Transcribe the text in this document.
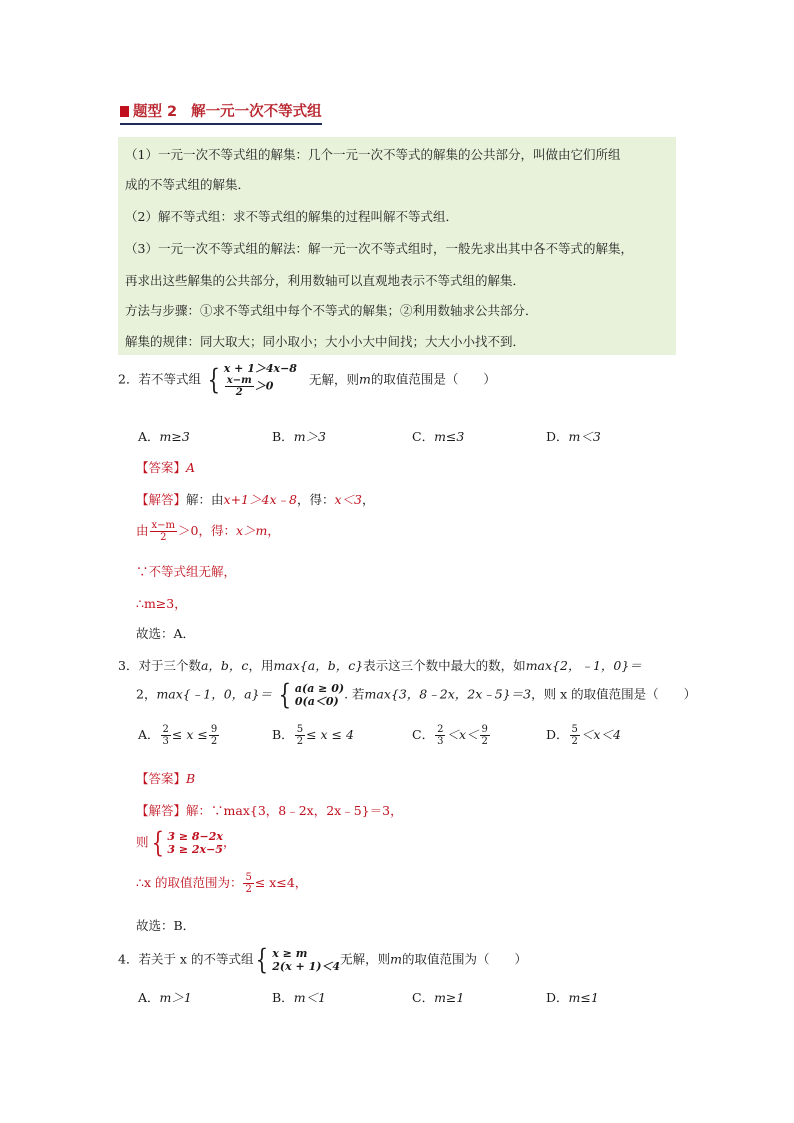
题型 2 解一元一次不等式组
（1）一元一次不等式组的解集：几个一元一次不等式的解集的公共部分，叫做由它们所组
成的不等式组的解集．
（2）解不等式组：求不等式组的解集的过程叫解不等式组．
（3）一元一次不等式组的解法：解一元一次不等式组时，一般先求出其中各不等式的解集，
再求出这些解集的公共部分，利用数轴可以直观地表示不等式组的解集．
方法与步骤：①求不等式组中每个不等式的解集；②利用数轴求公共部分．
解集的规律：同大取大；同小取小；大小小大中间找；大大小小找不到．
2．若不等式组 { x + 1＞4x−8
$\frac{x-m}{2} >0$	无解，则m的取值范围是（　　）
A．m≥3	B．m＞3	C．m≤3	D．m＜3
【答案】A
【解答】解：由x+1＞4x﹣8，得：x＜3，
由 $\frac{x-m}{2} >0$，得：x＞m，
∵不等式组无解，
∴m≥3，
故选：A．
3．对于三个数a，b，c，用max{a，b，c}表示这三个数中最大的数，如max{2，﹣1，0}＝
2，max{﹣1，0，a}＝ { a(a ≥ 0)
0(a＜0) . 若max{3，8﹣2x，2x﹣5}＝3，则 x 的取值范围是（　　）
A． $\frac{2}{3} \le x \le \frac{9}{2}$	B． $\frac{5}{2} \le x \le 4$	C． $\frac{2}{3} <x< \frac{9}{2}$	D． $\frac{5}{2} <x<4$
【答案】B
【解答】解：∵max{3，8﹣2x，2x﹣5}＝3，
则 { 3 ≥ 8−2x
3 ≥ 2x−5 ，
∴x 的取值范围为： $\frac{5}{2} \le x\le 4$，
故选：B．
4．若关于 x 的不等式组 { x ≥ m
2(x + 1)＜4 无解，则m的取值范围为（　　）
A．m＞1	B．m＜1	C．m≥1	D．m≤1
